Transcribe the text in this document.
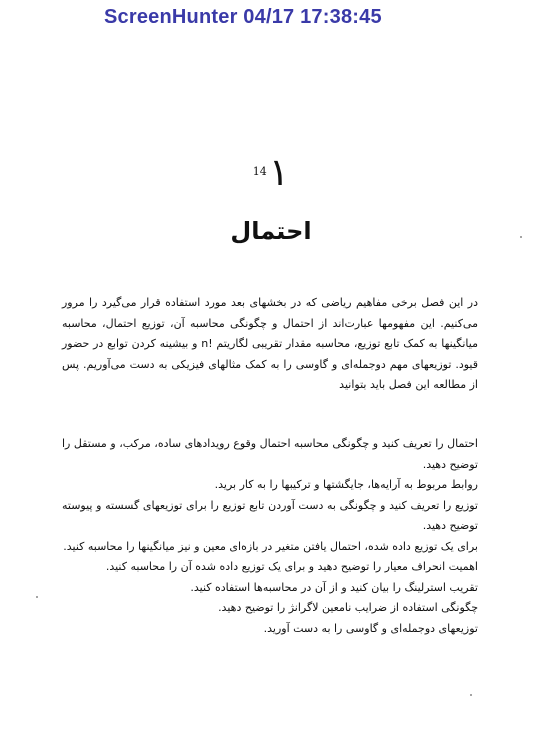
ScreenHunter 04/17 17:38:45
$^{14}$۱
احتمال
در این فصل برخی مفاهیم ریاضی که در بخشهای بعد مورد استفاده قرار می‌گیرد را مرور می‌کنیم. این مفهومها عبارت‌اند از احتمال و چگونگی محاسبه آن، توزیع احتمال، محاسبه میانگینها به کمک تابع توزیع، محاسبه مقدار تقریبی لگاریتم !n و بیشینه کردن توابع در حضور قیود. توزیعهای مهم دوجمله‌ای و گاوسی را به کمک مثالهای فیزیکی به دست می‌آوریم. پس از مطالعه این فصل باید بتوانید

احتمال را تعریف کنید و چگونگی محاسبه احتمال وقوع رویدادهای ساده، مرکب، و مستقل را توضیح دهید.

روابط مربوط به آرایه‌ها، جایگشتها و ترکیبها را به کار برید.

توزیع را تعریف کنید و چگونگی به دست آوردن تابع توزیع را برای توزیعهای گسسته و پیوسته توضیح دهید.

برای یک توزیع داده شده، احتمال یافتن متغیر در بازه‌ای معین و نیز میانگینها را محاسبه کنید.

اهمیت انحراف معیار را توضیح دهید و برای یک توزیع داده شده آن را محاسبه کنید.

تقریب استرلینگ را بیان کنید و از آن در محاسبه‌ها استفاده کنید.

چگونگی استفاده از ضرایب نامعین لاگرانژ را توضیح دهید.

توزیعهای دوجمله‌ای و گاوسی را به دست آورید.
